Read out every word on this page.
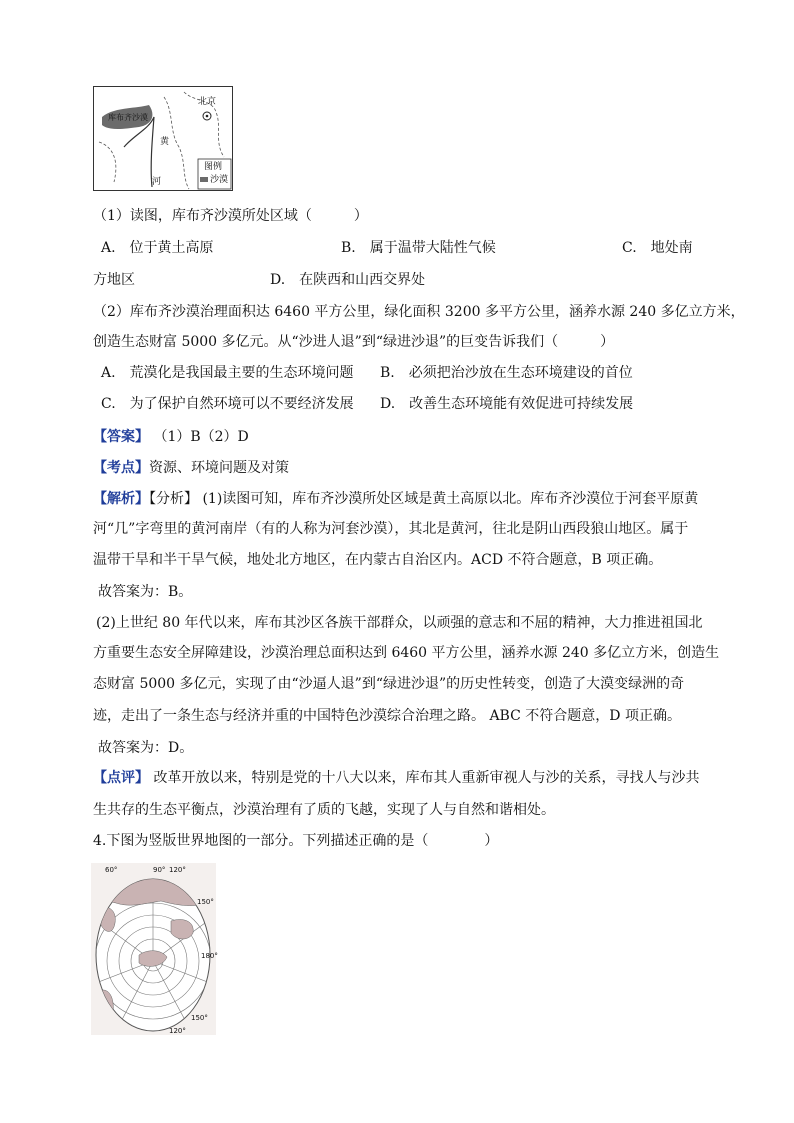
北京
库布齐沙漠
黄
河
图例
沙漠
（1）读图，库布齐沙漠所处区域（　　　）
A.　位于黄土高原	B.　属于温带大陆性气候	C.　地处南
方地区	D.　在陕西和山西交界处
（2）库布齐沙漠治理面积达 6460 平方公里，绿化面积 3200 多平方公里，涵养水源 240 多亿立方米，
创造生态财富 5000 多亿元。从“沙进人退”到“绿进沙退”的巨变告诉我们（　　　）
A.　荒漠化是我国最主要的生态环境问题 B.　必须把治沙放在生态环境建设的首位
C.　为了保护自然环境可以不要经济发展 D.　改善生态环境能有效促进可持续发展
【答案】 （1）B（2）D
【考点】资源、环境问题及对策
【解析】【分析】 (1)读图可知，库布齐沙漠所处区域是黄土高原以北。库布齐沙漠位于河套平原黄
河“几”字弯里的黄河南岸（有的人称为河套沙漠），其北是黄河，往北是阴山西段狼山地区。属于
温带干旱和半干旱气候，地处北方地区，在内蒙古自治区内。ACD 不符合题意，B 项正确。
故答案为：B。
(2)上世纪 80 年代以来，库布其沙区各族干部群众，以顽强的意志和不屈的精神，大力推进祖国北
方重要生态安全屏障建设，沙漠治理总面积达到 6460 平方公里，涵养水源 240 多亿立方米，创造生
态财富 5000 多亿元，实现了由“沙逼人退”到“绿进沙退”的历史性转变，创造了大漠变绿洲的奇
迹，走出了一条生态与经济并重的中国特色沙漠综合治理之路。 ABC 不符合题意，D 项正确。
故答案为：D。
【点评】 改革开放以来，特别是党的十八大以来，库布其人重新审视人与沙的关系，寻找人与沙共
生共存的生态平衡点，沙漠治理有了质的飞越，实现了人与自然和谐相处。
4.下图为竖版世界地图的一部分。下列描述正确的是（　　　　）
60°	90° 120°
150°
180°
150°
120°
